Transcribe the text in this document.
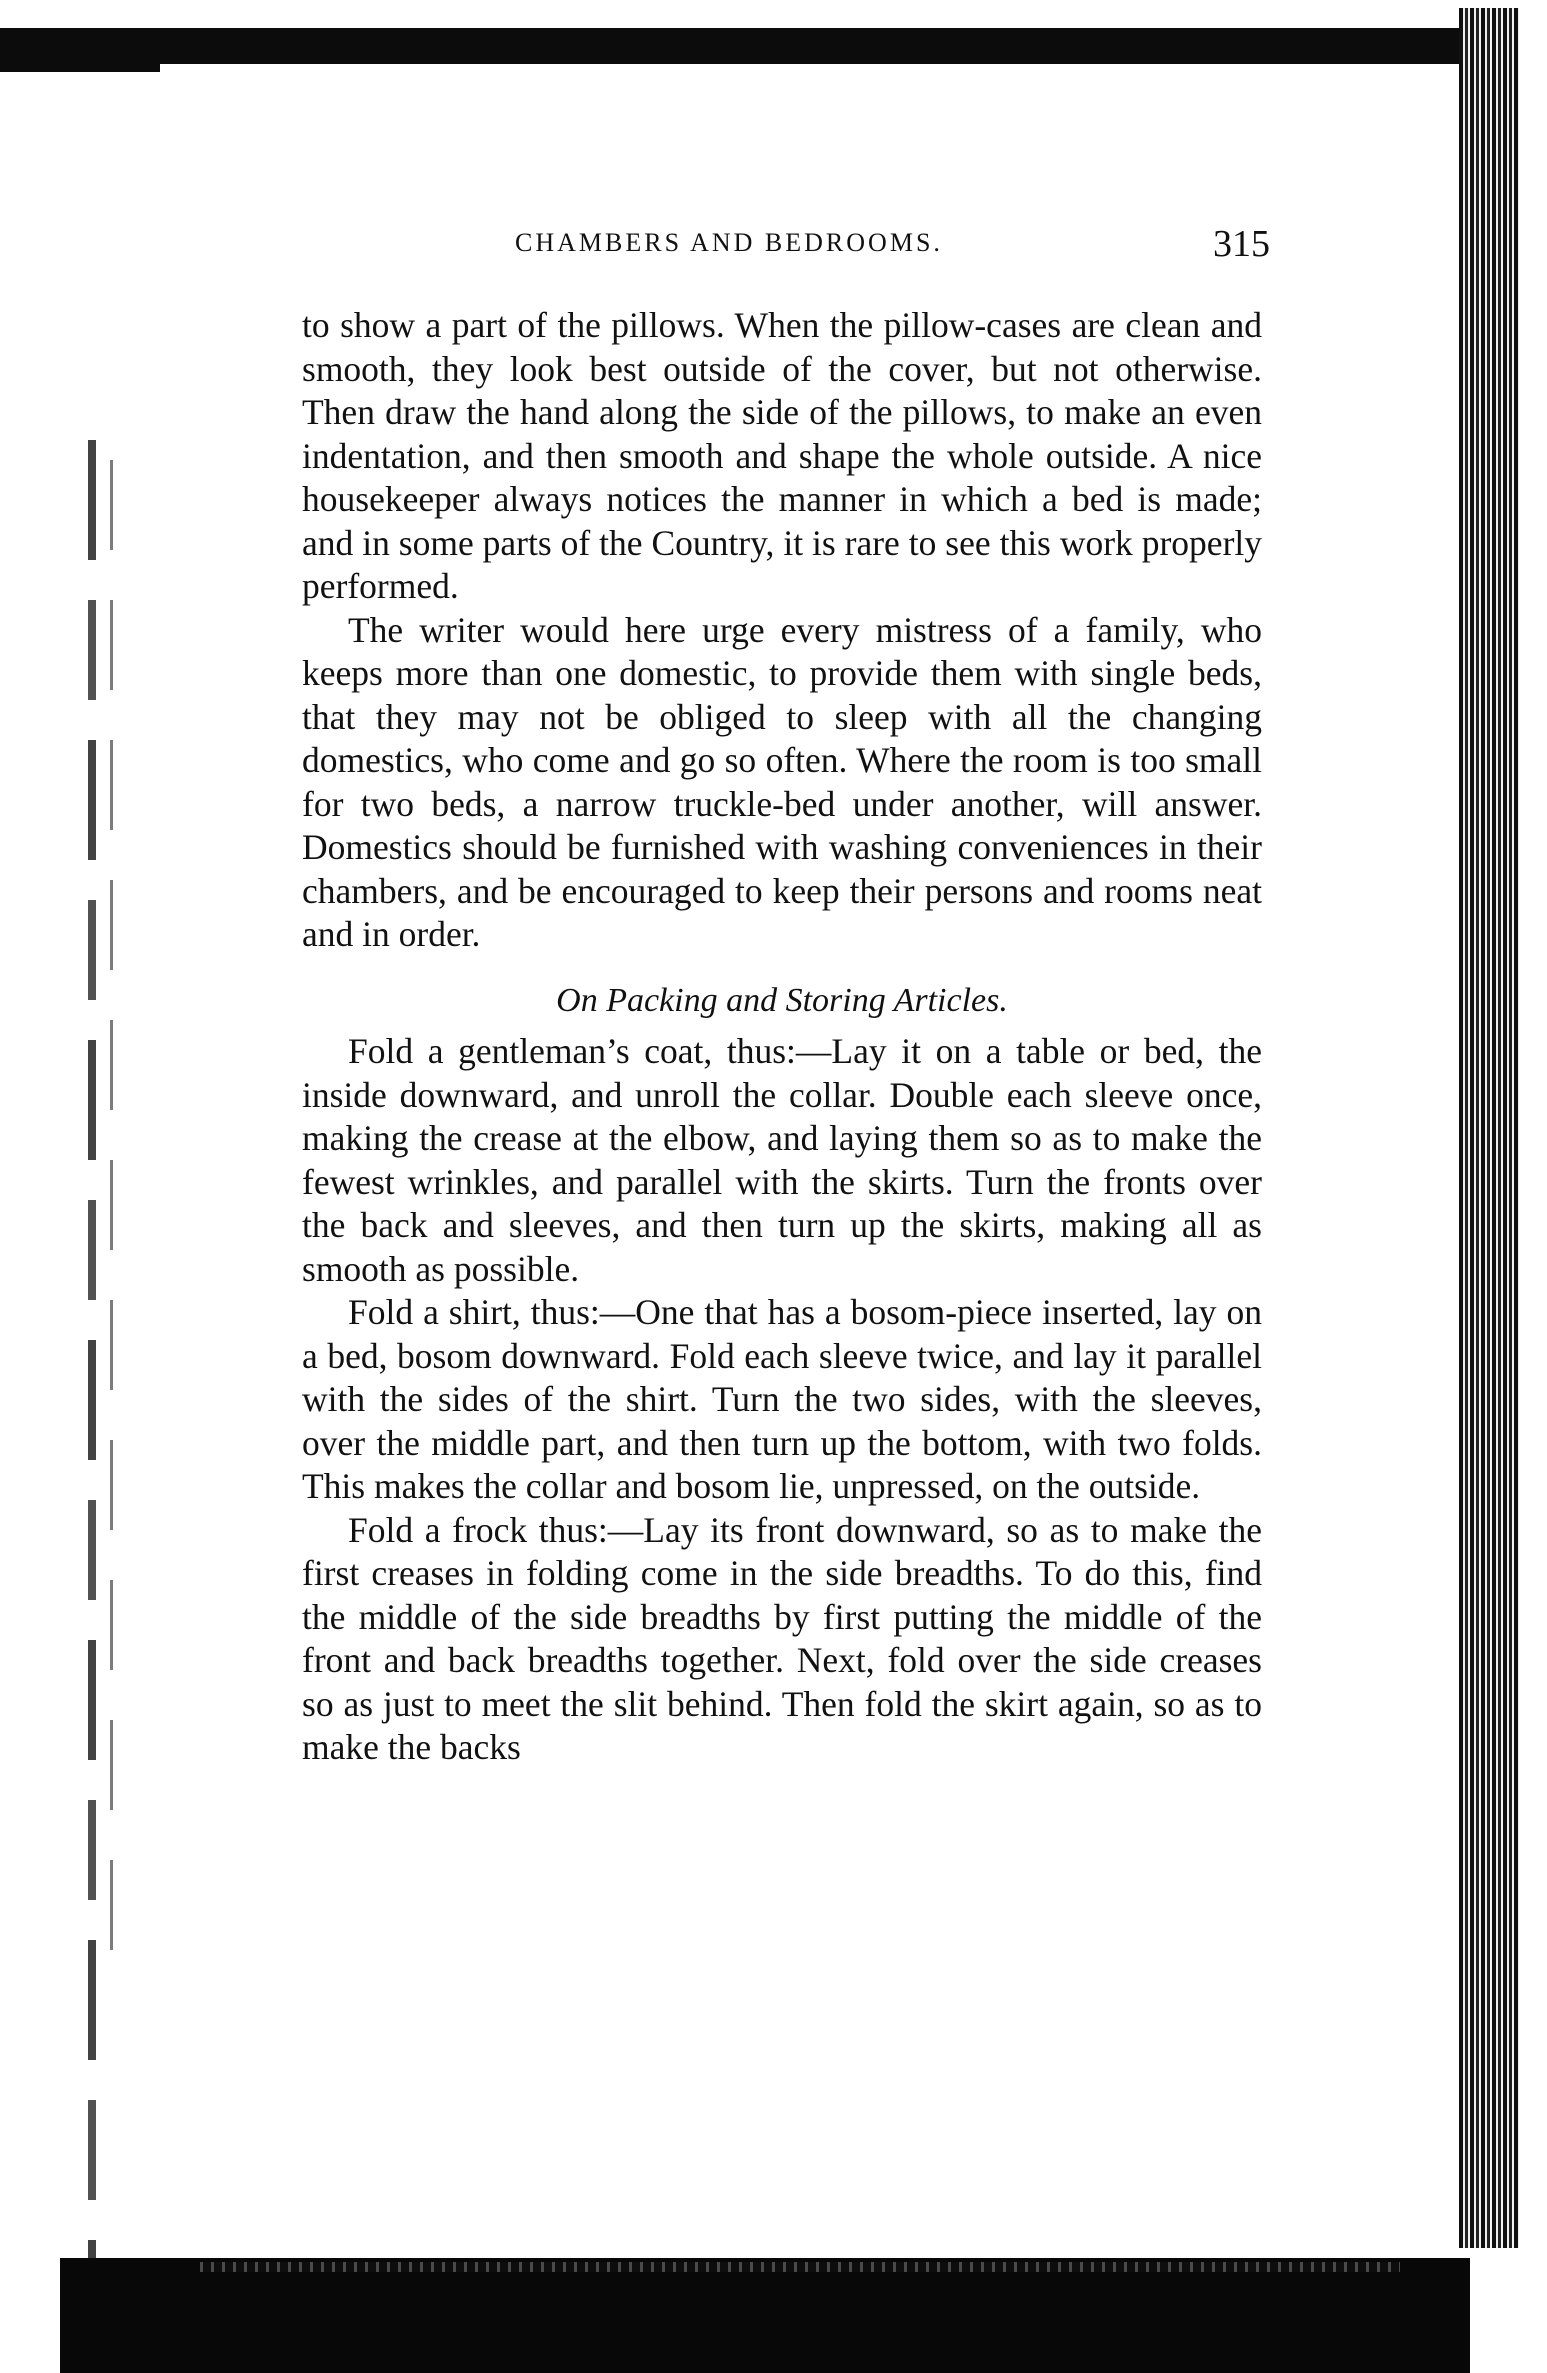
CHAMBERS AND BEDROOMS.	315

to show a part of the pillows. When the pillow-cases are clean and smooth, they look best outside of the cover, but not otherwise. Then draw the hand along the side of the pillows, to make an even indentation, and then smooth and shape the whole outside. A nice housekeeper always notices the manner in which a bed is made; and in some parts of the Country, it is rare to see this work properly performed.

The writer would here urge every mistress of a family, who keeps more than one domestic, to provide them with single beds, that they may not be obliged to sleep with all the changing domestics, who come and go so often. Where the room is too small for two beds, a narrow truckle-bed under another, will answer. Domestics should be furnished with washing conveniences in their chambers, and be encouraged to keep their persons and rooms neat and in order.

On Packing and Storing Articles.

Fold a gentleman’s coat, thus:—Lay it on a table or bed, the inside downward, and unroll the collar. Double each sleeve once, making the crease at the elbow, and laying them so as to make the fewest wrinkles, and parallel with the skirts. Turn the fronts over the back and sleeves, and then turn up the skirts, making all as smooth as possible.

Fold a shirt, thus:—One that has a bosom-piece inserted, lay on a bed, bosom downward. Fold each sleeve twice, and lay it parallel with the sides of the shirt. Turn the two sides, with the sleeves, over the middle part, and then turn up the bottom, with two folds. This makes the collar and bosom lie, unpressed, on the outside.

Fold a frock thus:—Lay its front downward, so as to make the first creases in folding come in the side breadths. To do this, find the middle of the side breadths by first putting the middle of the front and back breadths together. Next, fold over the side creases so as just to meet the slit behind. Then fold the skirt again, so as to make the backs
